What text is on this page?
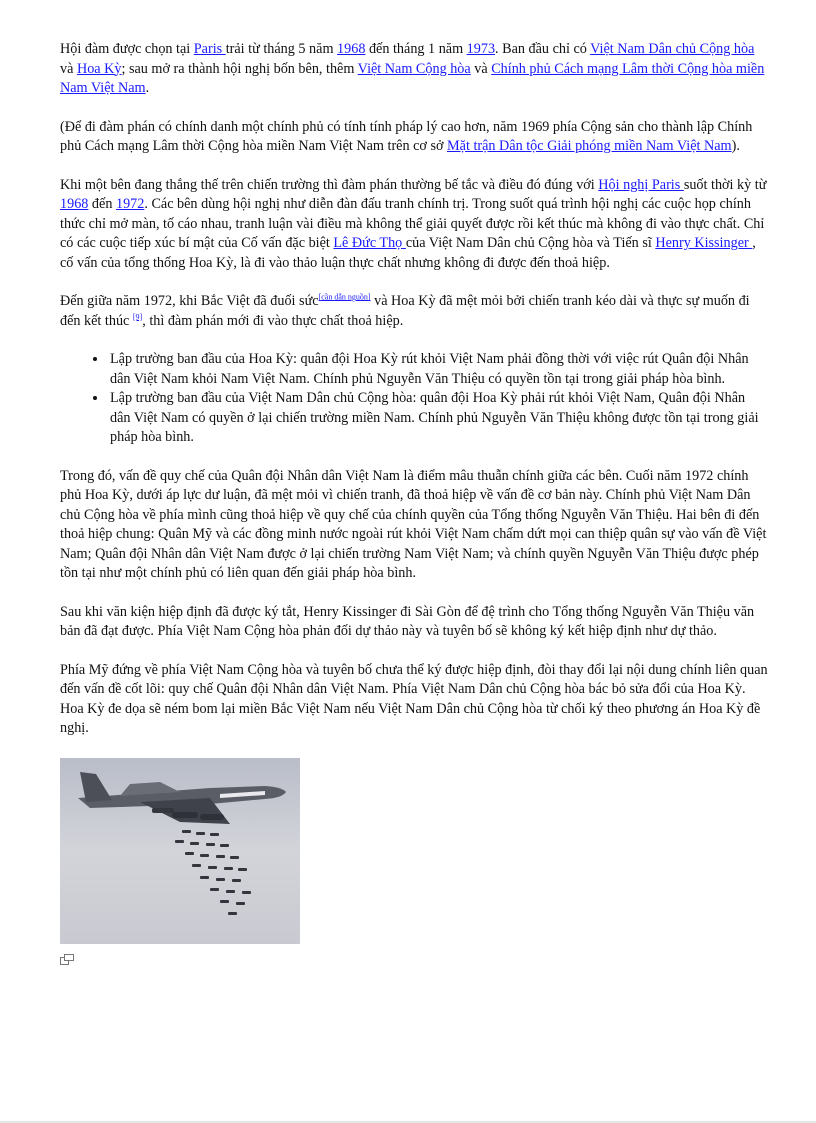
Hội đàm được chọn tại Paris trải từ tháng 5 năm 1968 đến tháng 1 năm 1973. Ban đầu chỉ có Việt Nam Dân chủ Cộng hòa và Hoa Kỳ; sau mở ra thành hội nghị bốn bên, thêm Việt Nam Cộng hòa và Chính phủ Cách mạng Lâm thời Cộng hòa miền Nam Việt Nam.

(Để đi đàm phán có chính danh một chính phủ có tính tính pháp lý cao hơn, năm 1969 phía Cộng sản cho thành lập Chính phủ Cách mạng Lâm thời Cộng hòa miền Nam Việt Nam trên cơ sở Mặt trận Dân tộc Giải phóng miền Nam Việt Nam).

Khi một bên đang thắng thế trên chiến trường thì đàm phán thường bế tắc và điều đó đúng với Hội nghị Paris suốt thời kỳ từ 1968 đến 1972. Các bên dùng hội nghị như diễn đàn đấu tranh chính trị. Trong suốt quá trình hội nghị các cuộc họp chính thức chỉ mở màn, tố cáo nhau, tranh luận vài điều mà không thể giải quyết được rồi kết thúc mà không đi vào thực chất. Chỉ có các cuộc tiếp xúc bí mật của Cố vấn đặc biệt Lê Đức Thọ của Việt Nam Dân chủ Cộng hòa và Tiến sĩ Henry Kissinger , cố vấn của tổng thống Hoa Kỳ, là đi vào thảo luận thực chất nhưng không đi được đến thoả hiệp.

Đến giữa năm 1972, khi Bắc Việt đã đuối sức[cần dẫn nguồn] và Hoa Kỳ đã mệt mỏi bởi chiến tranh kéo dài và thực sự muốn đi đến kết thúc [9], thì đàm phán mới đi vào thực chất thoả hiệp.

• Lập trường ban đầu của Hoa Kỳ: quân đội Hoa Kỳ rút khỏi Việt Nam phải đồng thời với việc rút Quân đội Nhân dân Việt Nam khỏi Nam Việt Nam. Chính phủ Nguyễn Văn Thiệu có quyền tồn tại trong giải pháp hòa bình.
• Lập trường ban đầu của Việt Nam Dân chủ Cộng hòa: quân đội Hoa Kỳ phải rút khỏi Việt Nam, Quân đội Nhân dân Việt Nam có quyền ở lại chiến trường miền Nam. Chính phủ Nguyễn Văn Thiệu không được tồn tại trong giải pháp hòa bình.

Trong đó, vấn đề quy chế của Quân đội Nhân dân Việt Nam là điểm mâu thuẫn chính giữa các bên. Cuối năm 1972 chính phủ Hoa Kỳ, dưới áp lực dư luận, đã mệt mỏi vì chiến tranh, đã thoả hiệp về vấn đề cơ bản này. Chính phủ Việt Nam Dân chủ Cộng hòa về phía mình cũng thoả hiệp về quy chế của chính quyền của Tổng thống Nguyễn Văn Thiệu. Hai bên đi đến thoả hiệp chung: Quân Mỹ và các đồng minh nước ngoài rút khỏi Việt Nam chấm dứt mọi can thiệp quân sự vào vấn đề Việt Nam; Quân đội Nhân dân Việt Nam được ở lại chiến trường Nam Việt Nam; và chính quyền Nguyễn Văn Thiệu được phép tồn tại như một chính phủ có liên quan đến giải pháp hòa bình.

Sau khi văn kiện hiệp định đã được ký tắt, Henry Kissinger đi Sài Gòn để đệ trình cho Tổng thống Nguyễn Văn Thiệu văn bản đã đạt được. Phía Việt Nam Cộng hòa phản đối dự thảo này và tuyên bố sẽ không ký kết hiệp định như dự thảo.

Phía Mỹ đứng về phía Việt Nam Cộng hòa và tuyên bố chưa thể ký được hiệp định, đòi thay đổi lại nội dung chính liên quan đến vấn đề cốt lõi: quy chế Quân đội Nhân dân Việt Nam. Phía Việt Nam Dân chủ Cộng hòa bác bỏ sửa đổi của Hoa Kỳ. Hoa Kỳ đe dọa sẽ ném bom lại miền Bắc Việt Nam nếu Việt Nam Dân chủ Cộng hòa từ chối ký theo phương án Hoa Kỳ đề nghị.
